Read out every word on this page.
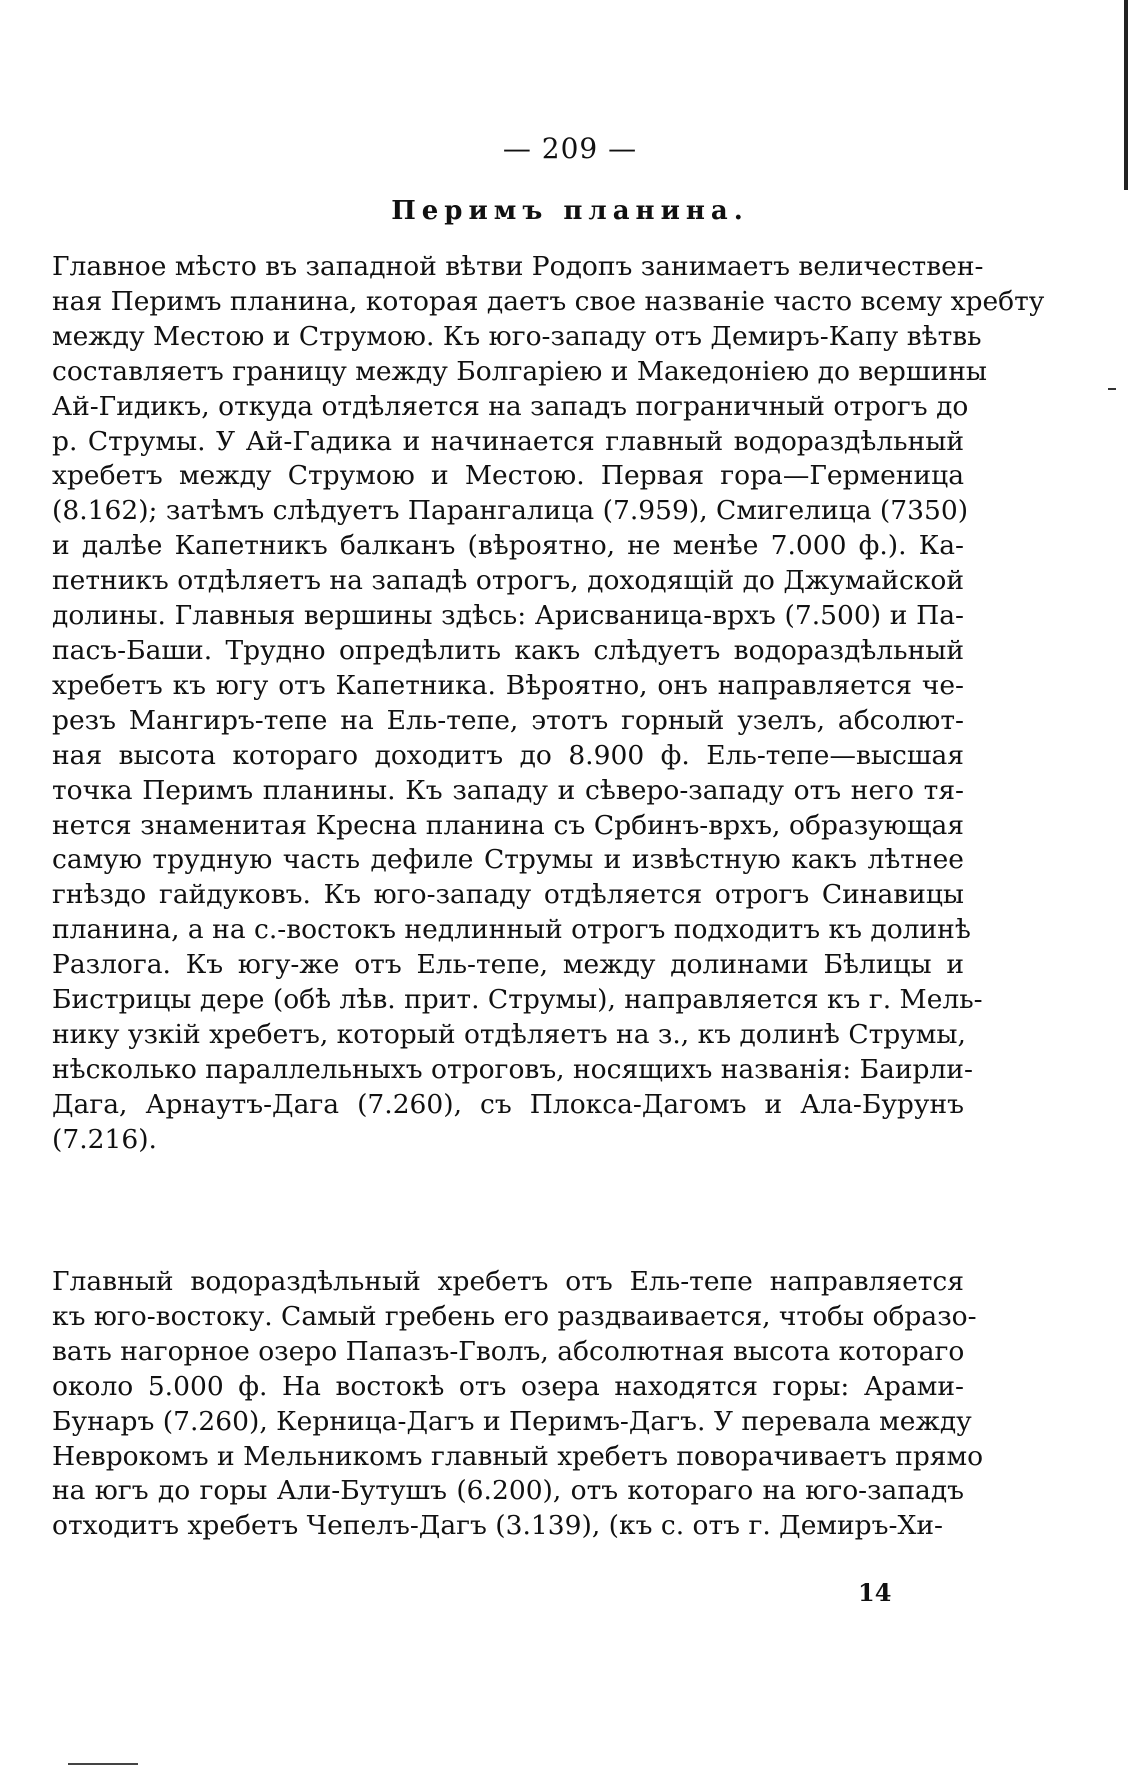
— 209 —
Перимъ планина.
Главное мѣсто въ западной вѣтви Родопъ занимаетъ величествен-
ная Перимъ планина, которая даетъ свое названіе часто всему хребту
между Местою и Струмою. Къ юго-западу отъ Демиръ-Капу вѣтвь
составляетъ границу между Болгаріею и Македоніею до вершины
Ай-Гидикъ, откуда отдѣляется на западъ пограничный отрогъ до
р. Струмы. У Ай-Гадика и начинается главный водораздѣльный
хребетъ между Струмою и Местою. Первая гора—Герменица
(8.162); затѣмъ слѣдуетъ Парангалица (7.959), Смигелица (7350)
и далѣе Капетникъ балканъ (вѣроятно, не менѣе 7.000 ф.). Ка-
петникъ отдѣляетъ на западѣ отрогъ, доходящій до Джумайской
долины. Главныя вершины здѣсь: Арисваница-врхъ (7.500) и Па-
пасъ-Баши. Трудно опредѣлить какъ слѣдуетъ водораздѣльный
хребетъ къ югу отъ Капетника. Вѣроятно, онъ направляется че-
резъ Мангиръ-тепе на Ель-тепе, этотъ горный узелъ, абсолют-
ная высота котораго доходитъ до 8.900 ф. Ель-тепе—высшая
точка Перимъ планины. Къ западу и сѣверо-западу отъ него тя-
нется знаменитая Кресна планина съ Србинъ-врхъ, образующая
самую трудную часть дефиле Струмы и извѣстную какъ лѣтнее
гнѣздо гайдуковъ. Къ юго-западу отдѣляется отрогъ Синавицы
планина, а на с.-востокъ недлинный отрогъ подходитъ къ долинѣ
Разлога. Къ югу-же отъ Ель-тепе, между долинами Бѣлицы и
Бистрицы дере (обѣ лѣв. прит. Струмы), направляется къ г. Мель-
нику узкій хребетъ, который отдѣляетъ на з., къ долинѣ Струмы,
нѣсколько параллельныхъ отроговъ, носящихъ названія: Баирли-
Дага, Арнаутъ-Дага (7.260), съ Плокса-Дагомъ и Ала-Бурунъ
(7.216).
Главный водораздѣльный хребетъ отъ Ель-тепе направляется
къ юго-востоку. Самый гребень его раздваивается, чтобы образо-
вать нагорное озеро Папазъ-Гволъ, абсолютная высота котораго
около 5.000 ф. На востокѣ отъ озера находятся горы: Арами-
Бунаръ (7.260), Керница-Дагъ и Перимъ-Дагъ. У перевала между
Неврокомъ и Мельникомъ главный хребетъ поворачиваетъ прямо
на югъ до горы Али-Бутушъ (6.200), отъ котораго на юго-западъ
отходитъ хребетъ Чепелъ-Дагъ (3.139), (къ с. отъ г. Демиръ-Хи-
14
